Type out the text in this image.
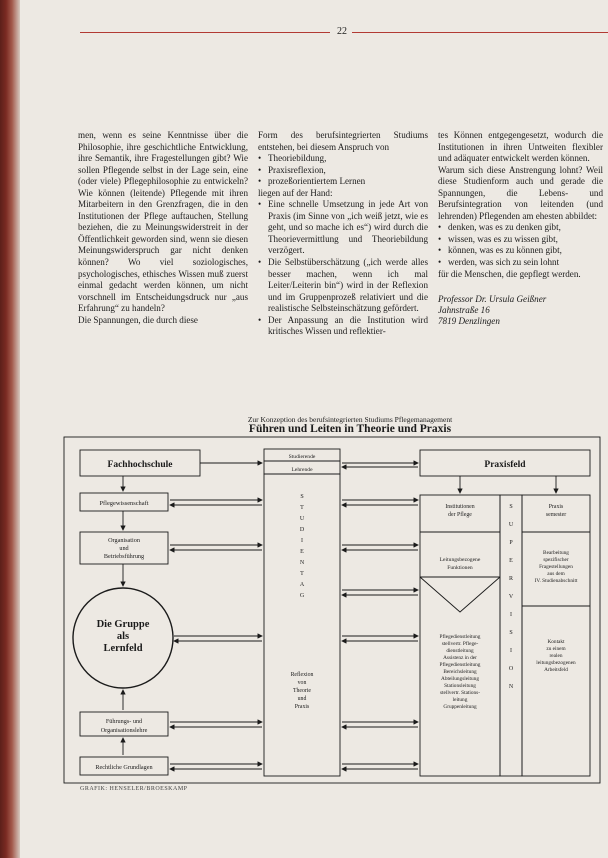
22

men, wenn es seine Kenntnisse über die Philosophie, ihre geschichtliche Entwicklung, ihre Semantik, ihre Fragestellungen gibt? Wie sollen Pflegende selbst in der Lage sein, eine (oder viele) Pflegephilosophie zu entwickeln? Wie können (leitende) Pflegende mit ihren Mitarbeitern in den Grenzfragen, die in den Institutionen der Pflege auftauchen, Stellung beziehen, die zu Meinungswiderstreit in der Öffentlichkeit geworden sind, wenn sie diesen Meinungswiderspruch gar nicht denken können? Wo viel soziologisches, psychologisches, ethisches Wissen muß zuerst einmal gedacht werden können, um nicht vorschnell im Entscheidungsdruck nur „aus Erfahrung“ zu handeln?

Die Spannungen, die durch diese

Form des berufsintegrierten Studiums entstehen, bei diesem Anspruch von

• Theoriebildung,
• Praxisreflexion,
• prozeßorientiertem Lernen

liegen auf der Hand:

• Eine schnelle Umsetzung in jede Art von Praxis (im Sinne von „ich weiß jetzt, wie es geht, und so mache ich es“) wird durch die Theorievermittlung und Theoriebildung verzögert.
• Die Selbstüberschätzung („ich werde alles besser machen, wenn ich mal Leiter/Leiterin bin“) wird in der Reflexion und im Gruppenprozeß relativiert und die realistische Selbsteinschätzung gefördert.
• Der Anpassung an die Institution wird kritisches Wissen und reflektier-

tes Können entgegengesetzt, wodurch die Institutionen in ihren Untweiten flexibler und adäquater entwickelt werden können.

Warum sich diese Anstrengung lohnt? Weil diese Studienform auch und gerade die Spannungen, die Lebens- und Berufsintegration von leitenden (und lehrenden) Pflegenden am ehesten abbildet:

• denken, was es zu denken gibt,
• wissen, was es zu wissen gibt,
• können, was es zu können gibt,
• werden, was sich zu sein lohnt

für die Menschen, die gepflegt werden.

Professor Dr. Ursula Geißner
Jahnstraße 16
7819 Denzlingen
Zur Konzeption des berufsintegrierten Studiums Pflegemanagement
Führen und Leiten in Theorie und Praxis
Fachhochschule
Studierende
Lehrende	Praxisfeld
Pflegewissenschaft
Organisation
und
Betriebsführung
Die Gruppe
als
Lernfeld
Führungs- und
Organisationslehre
Rechtliche Grundlagen
S
T
U
D
I
E
N
T
A
G
Reflexion
von
Theorie
und
Praxis
Institutionen
der Pflege
Leitungsbezogene
Funktionen
Pflegedienstleitung
stellvertr. Pflege-
dienstleitung
Assistenz in der
Pflegedienstleitung
Bereichsleitung
Abteilungsleitung
Stationsleitung
stellvertr. Stations-
leitung
Gruppenleitung
S
U
P
E
R
V
I
S
I
O
N
Praxis
semester
Bearbeitung
spezifischer
Fragestellungen
aus dem
IV. Studienabschnitt
Kontakt
zu einem
realen
leitungsbezogenen
Arbeitsfeld
GRAFIK: HENSELER/BROESKAMP
